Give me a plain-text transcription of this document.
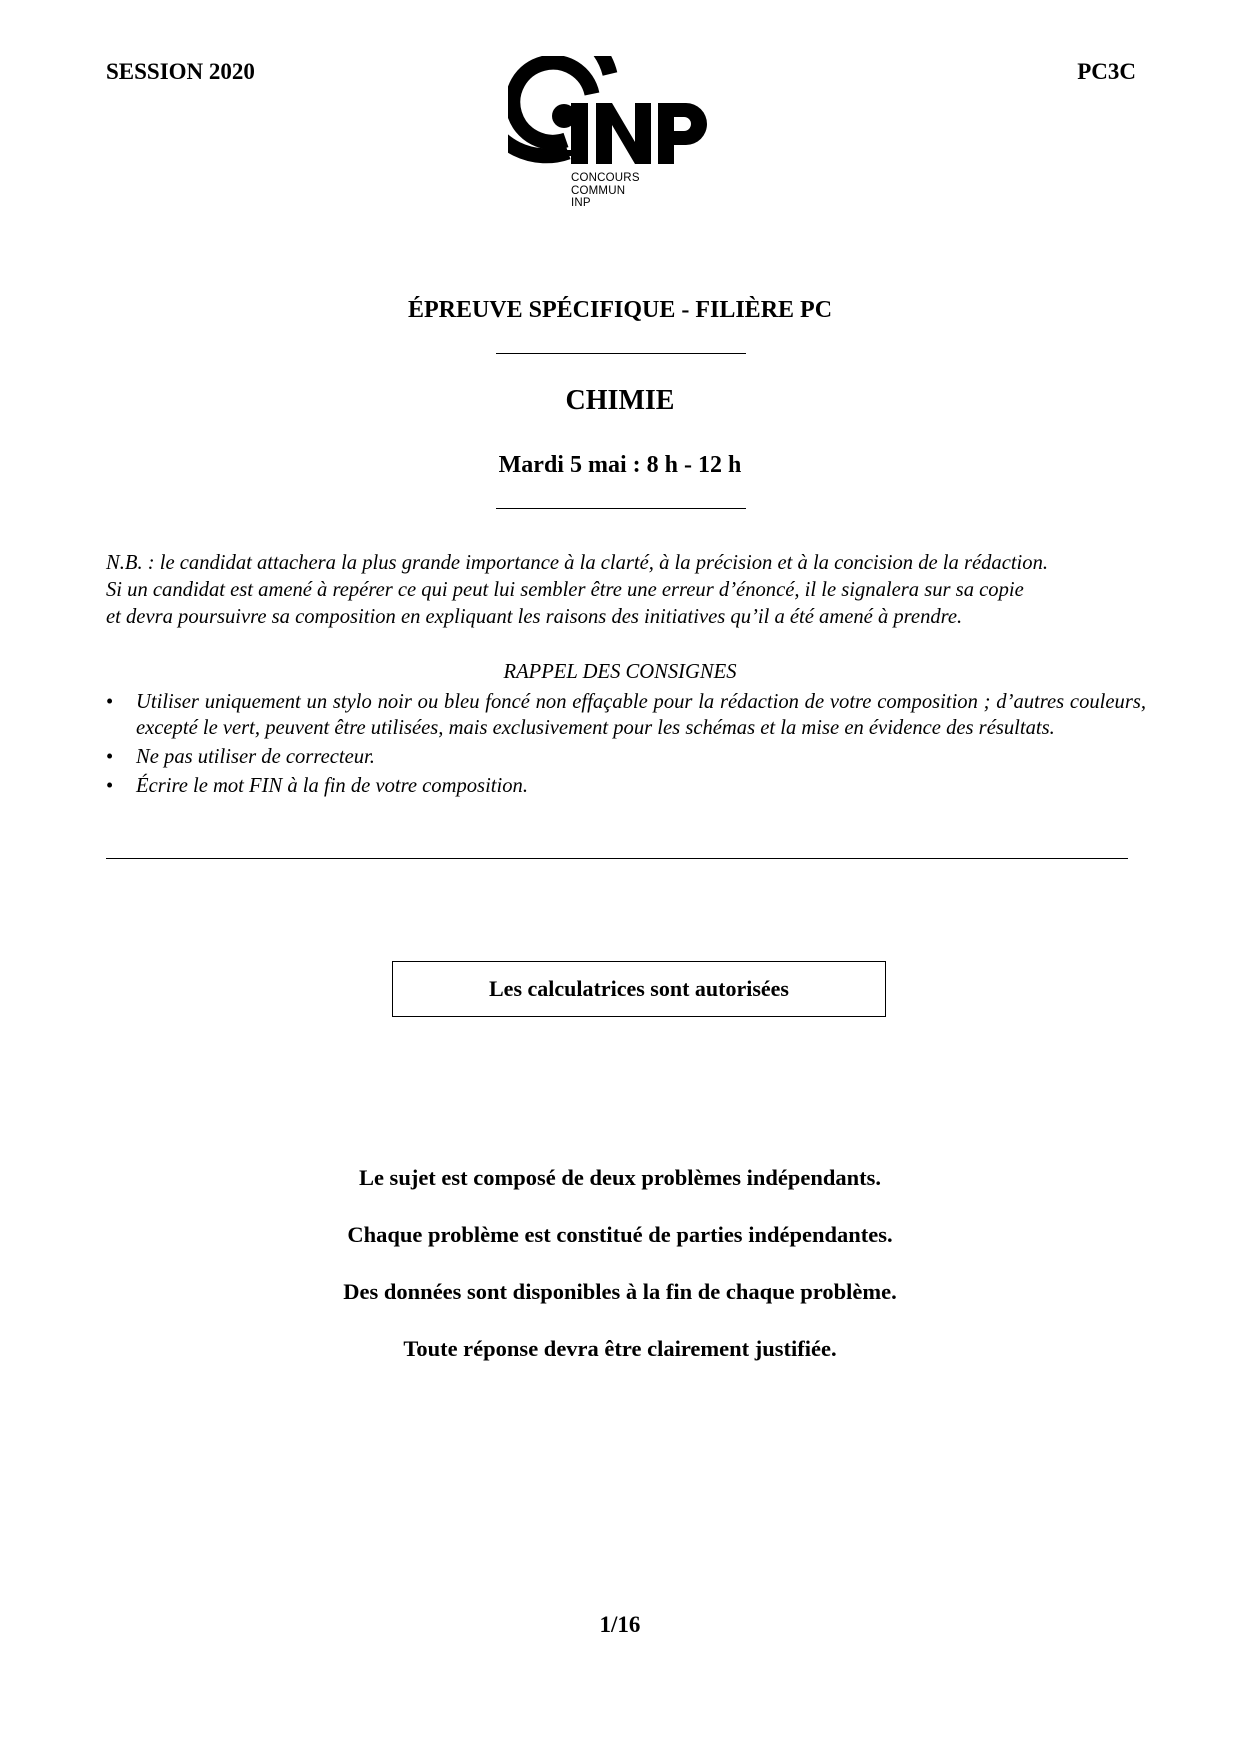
SESSION 2020	PC3C
CONCOURS
COMMUN
INP
ÉPREUVE SPÉCIFIQUE - FILIÈRE PC
CHIMIE
Mardi 5 mai : 8 h - 12 h
N.B. : le candidat attachera la plus grande importance à la clarté, à la précision et à la concision de la rédaction.
Si un candidat est amené à repérer ce qui peut lui sembler être une erreur d’énoncé, il le signalera sur sa copie
et devra poursuivre sa composition en expliquant les raisons des initiatives qu’il a été amené à prendre.
RAPPEL DES CONSIGNES
• Utiliser uniquement un stylo noir ou bleu foncé non effaçable pour la rédaction de votre composition ; d’autres couleurs, excepté le vert, peuvent être utilisées, mais exclusivement pour les schémas et la mise en évidence des résultats.
• Ne pas utiliser de correcteur.
• Écrire le mot FIN à la fin de votre composition.
Les calculatrices sont autorisées
Le sujet est composé de deux problèmes indépendants.
Chaque problème est constitué de parties indépendantes.
Des données sont disponibles à la fin de chaque problème.
Toute réponse devra être clairement justifiée.
1/16
